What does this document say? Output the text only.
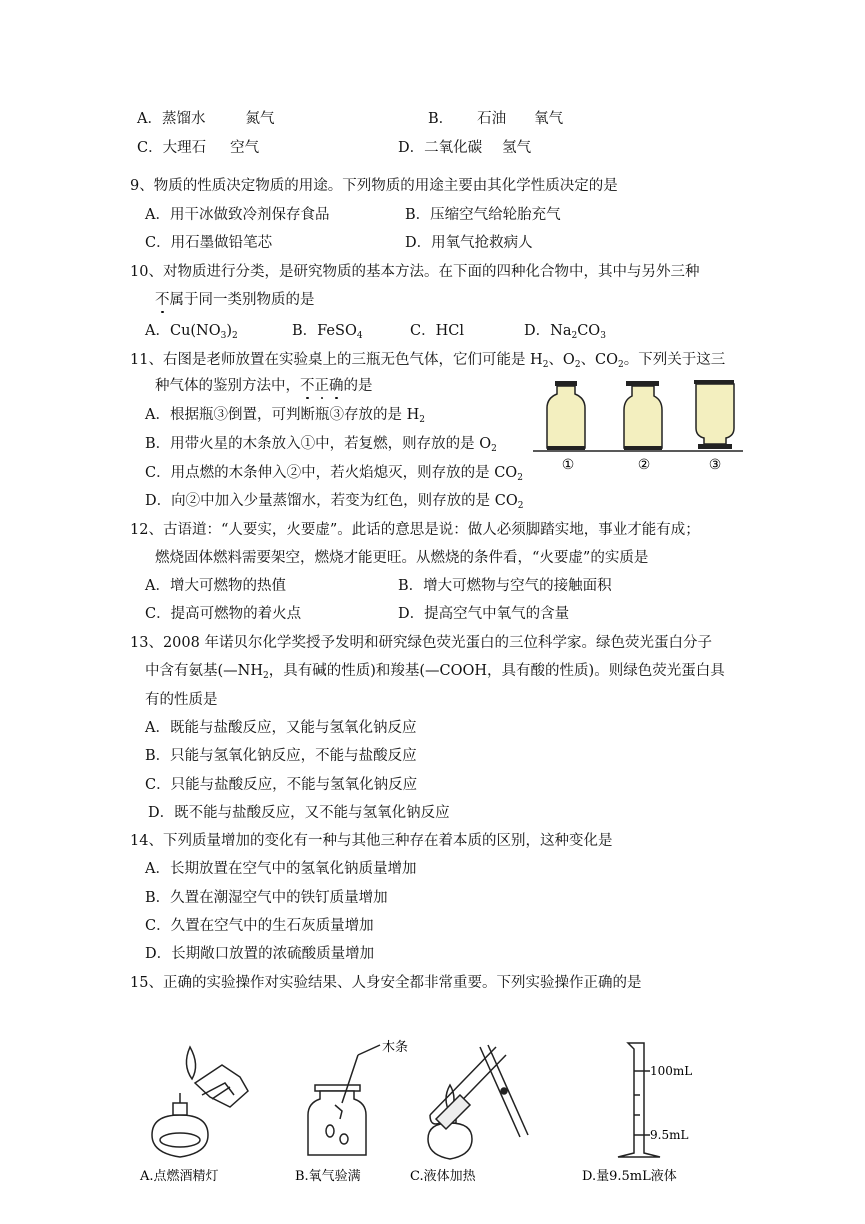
A．蒸馏水	氮气	B． 石油 氧气
C．大理石 空气	D．二氧化碳 氢气
9、物质的性质决定物质的用途。下列物质的用途主要由其化学性质决定的是
A．用干冰做致冷剂保存食品	B．压缩空气给轮胎充气
C．用石墨做铅笔芯	D．用氧气抢救病人
10、对物质进行分类，是研究物质的基本方法。在下面的四种化合物中，其中与另外三种
不属于同一类别物质的是
A．$Cu(NO_3)_2$	B．FeSO$_4$	C．HCl	D．$Na_2CO_3$
11、右图是老师放置在实验桌上的三瓶无色气体，它们可能是 $H_2$、$O_2$、$CO_2$。下列关于这三
种气体的鉴别方法中，不正确的是
A．根据瓶③倒置，可判断瓶③存放的是 $H_2$
B．用带火星的木条放入①中，若复燃，则存放的是 $O_2$
C．用点燃的木条伸入②中，若火焰熄灭，则存放的是 $CO_2$
D．向②中加入少量蒸馏水，若变为红色，则存放的是 $CO_2$
①	②	③
12、古语道：“人要实，火要虚”。此话的意思是说：做人必须脚踏实地，事业才能有成；
燃烧固体燃料需要架空，燃烧才能更旺。从燃烧的条件看，“火要虚”的实质是
A．增大可燃物的热值	B．增大可燃物与空气的接触面积
C．提高可燃物的着火点	D．提高空气中氧气的含量
13、2008 年诺贝尔化学奖授予发明和研究绿色荧光蛋白的三位科学家。绿色荧光蛋白分子
中含有氨基($—NH_2$，具有碱的性质)和羧基(—COOH，具有酸的性质)。则绿色荧光蛋白具
有的性质是
A．既能与盐酸反应，又能与氢氧化钠反应
B．只能与氢氧化钠反应，不能与盐酸反应
C．只能与盐酸反应，不能与氢氧化钠反应
D．既不能与盐酸反应，又不能与氢氧化钠反应
14、下列质量增加的变化有一种与其他三种存在着本质的区别，这种变化是
A．长期放置在空气中的氢氧化钠质量增加
B．久置在潮湿空气中的铁钉质量增加
C．久置在空气中的生石灰质量增加
D．长期敞口放置的浓硫酸质量增加
15、正确的实验操作对实验结果、人身安全都非常重要。下列实验操作正确的是
A.点燃酒精灯
木条
B.氧气验满	C.液体加热
100mL
9.5mL
D.量9.5mL液体
